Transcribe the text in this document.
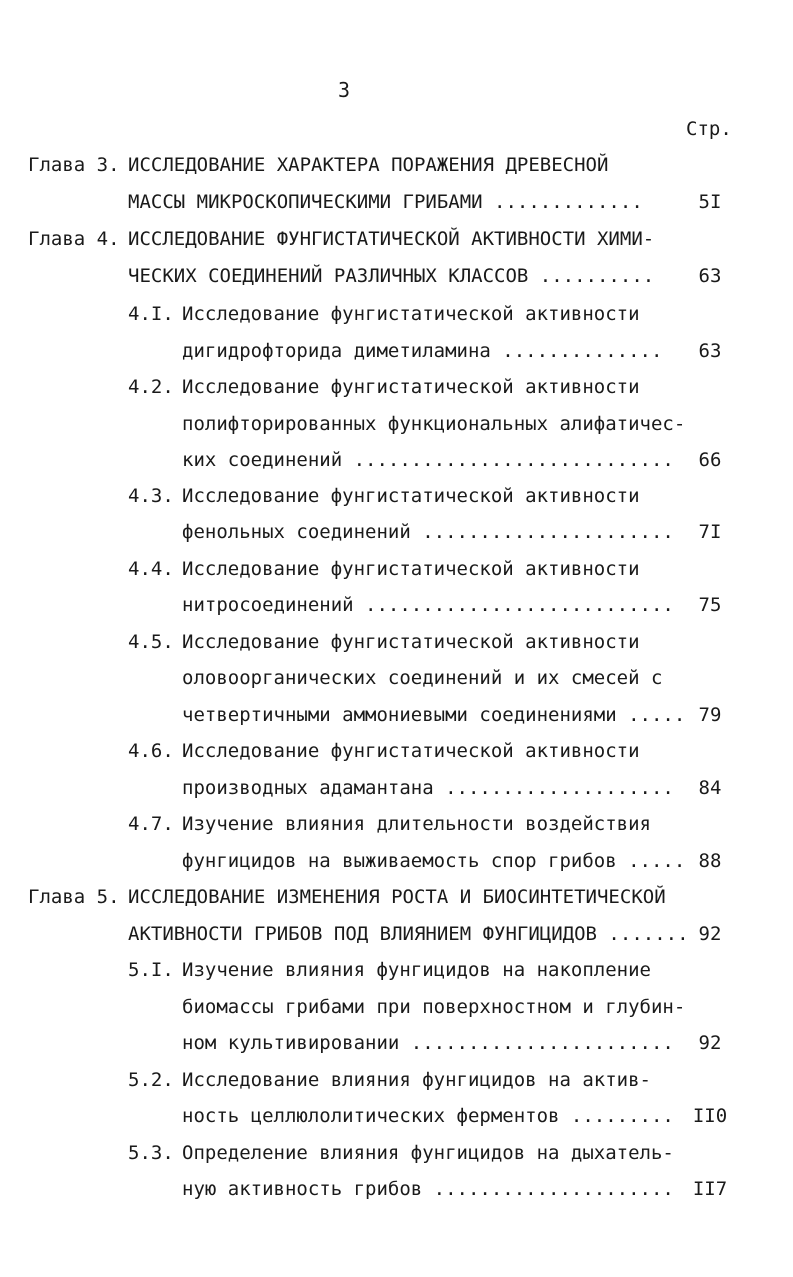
3
Стр.
Глава 3. ИССЛЕДОВАНИЕ ХАРАКТЕРА ПОРАЖЕНИЯ ДРЕВЕСНОЙ
МАССЫ МИКРОСКОПИЧЕСКИМИ ГРИБАМИ .............
Глава 4. ИССЛЕДОВАНИЕ ФУНГИСТАТИЧЕСКОЙ АКТИВНОСТИ ХИМИ-
ЧЕСКИХ СОЕДИНЕНИЙ РАЗЛИЧНЫХ КЛАССОВ ..........
4.I. Исследование фунгистатической активности
дигидрофторида диметиламина ..............
4.2. Исследование фунгистатической активности
полифторированных функциональных алифатичес-
ких соединений ............................
4.3. Исследование фунгистатической активности
фенольных соединений ......................
4.4. Исследование фунгистатической активности
нитросоединений ...........................
4.5. Исследование фунгистатической активности
оловоорганических соединений и их смесей с
четвертичными аммониевыми соединениями .....
4.6. Исследование фунгистатической активности
производных адамантана ....................
4.7. Изучение влияния длительности воздействия
фунгицидов на выживаемость спор грибов .....
Глава 5. ИССЛЕДОВАНИЕ ИЗМЕНЕНИЯ РОСТА И БИОСИНТЕТИЧЕСКОЙ
АКТИВНОСТИ ГРИБОВ ПОД ВЛИЯНИЕМ ФУНГИЦИДОВ .......
5.I. Изучение влияния фунгицидов на накопление
биомассы грибами при поверхностном и глубин-
ном культивировании .......................
5.2. Исследование влияния фунгицидов на актив-
ность целлюлолитических ферментов .........
5.3. Определение влияния фунгицидов на дыхатель-
ную активность грибов .....................
5I
63
63
66
7I
75
79
84
88
92
92
II0
II7
